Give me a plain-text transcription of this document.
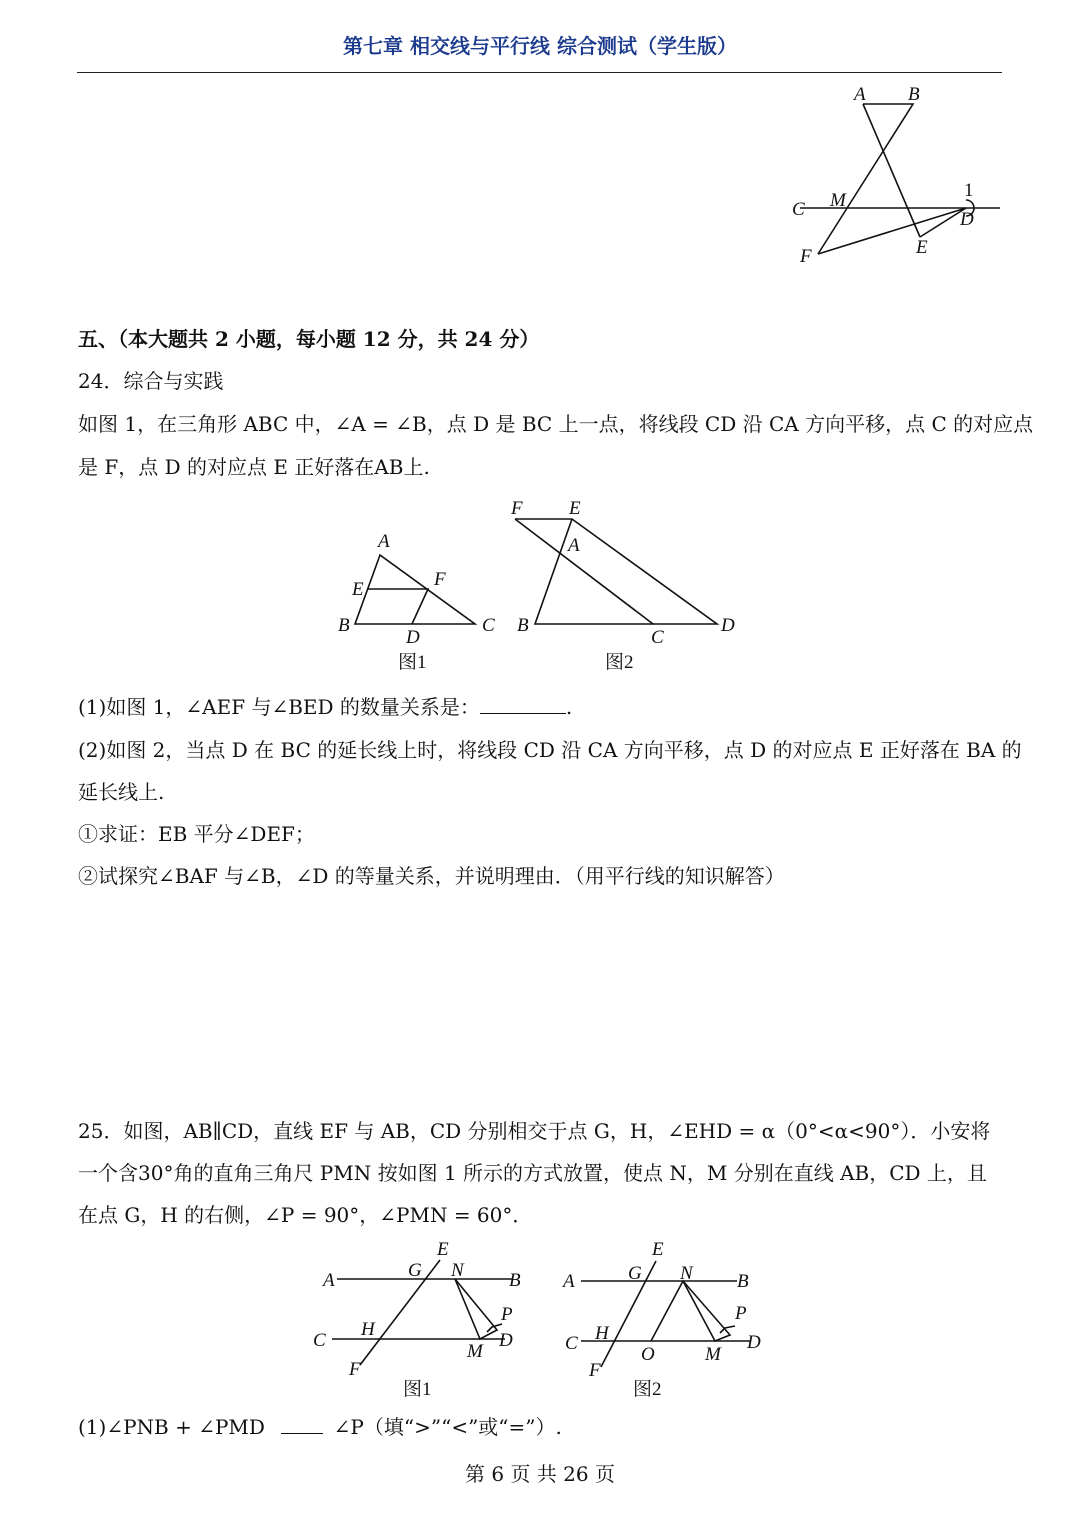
第七章 相交线与平行线 综合测试（学生版）
A B
C M	1
D
F	E
五、（本大题共 2 小题，每小题 12 分，共 24 分）
24．综合与实践
如图 1，在三角形 ABC 中，∠A = ∠B，点 D 是 BC 上一点，将线段 CD 沿 CA 方向平移，点 C 的对应点
是 F，点 D 的对应点 E 正好落在AB上.
A
E	F
B
D
C
图1
F E
A
B
C
D
图2
(1)如图 1，∠AEF 与∠BED 的数量关系是：	.
(2)如图 2，当点 D 在 BC 的延长线上时，将线段 CD 沿 CA 方向平移，点 D 的对应点 E 正好落在 BA 的
延长线上.
①求证：EB 平分∠DEF；
②试探究∠BAF 与∠B，∠D 的等量关系，并说明理由．（用平行线的知识解答）
25．如图，AB∥CD，直线 EF 与 AB，CD 分别相交于点 G，H，∠EHD = α（0°<α<90°）．小安将
一个含30°角的直角三角尺 PMN 按如图 1 所示的方式放置，使点 N，M 分别在直线 AB，CD 上，且
在点 G，H 的右侧，∠P = 90°，∠PMN = 60°．
E
A	G N B
P
C
H
D
M
F
图1
E
A	G N B
P
C H	D
O	M
F
图2
(1)∠PNB + ∠PMD	∠P（填“>”“<”或“=”）.
第 6 页 共 26 页
